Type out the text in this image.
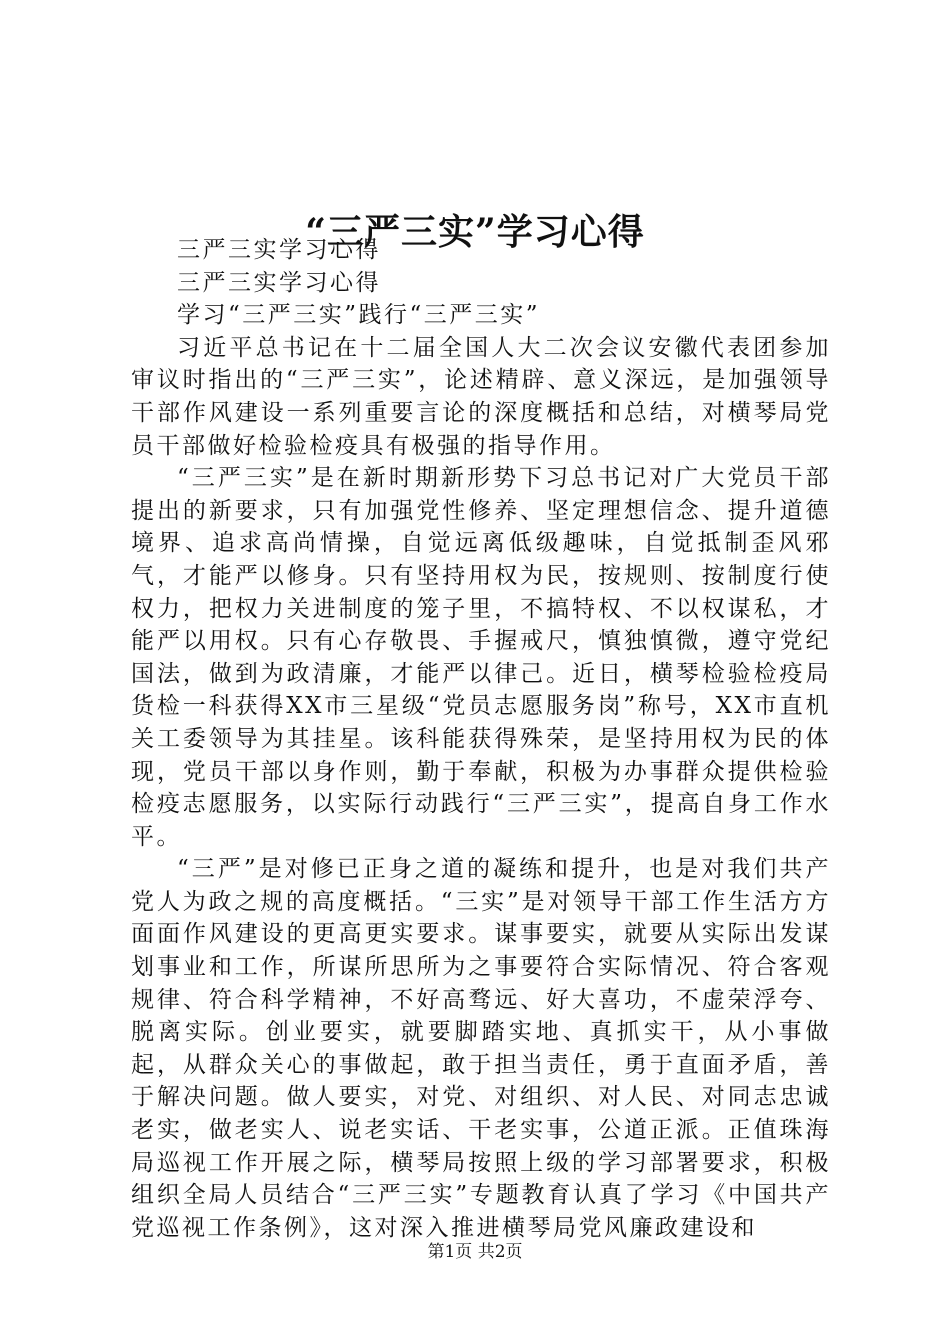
“三严三实”学习心得

三严三实学习心得

三严三实学习心得

学习“三严三实”践行“三严三实”

习近平总书记在十二届全国人大二次会议安徽代表团参加审议时指出的“三严三实”，论述精辟、意义深远，是加强领导干部作风建设一系列重要言论的深度概括和总结，对横琴局党员干部做好检验检疫具有极强的指导作用。

“三严三实”是在新时期新形势下习总书记对广大党员干部提出的新要求，只有加强党性修养、坚定理想信念、提升道德境界、追求高尚情操，自觉远离低级趣味，自觉抵制歪风邪气，才能严以修身。只有坚持用权为民，按规则、按制度行使权力，把权力关进制度的笼子里，不搞特权、不以权谋私，才能严以用权。只有心存敬畏、手握戒尺，慎独慎微，遵守党纪国法，做到为政清廉，才能严以律己。近日，横琴检验检疫局货检一科获得XX市三星级“党员志愿服务岗”称号，XX市直机关工委领导为其挂星。该科能获得殊荣，是坚持用权为民的体现，党员干部以身作则，勤于奉献，积极为办事群众提供检验检疫志愿服务，以实际行动践行“三严三实”，提高自身工作水平。

“三严”是对修已正身之道的凝练和提升，也是对我们共产党人为政之规的高度概括。“三实”是对领导干部工作生活方方面面作风建设的更高更实要求。谋事要实，就要从实际出发谋划事业和工作，所谋所思所为之事要符合实际情况、符合客观规律、符合科学精神，不好高骛远、好大喜功，不虚荣浮夸、脱离实际。创业要实，就要脚踏实地、真抓实干，从小事做起，从群众关心的事做起，敢于担当责任，勇于直面矛盾，善于解决问题。做人要实，对党、对组织、对人民、对同志忠诚老实，做老实人、说老实话、干老实事，公道正派。正值珠海局巡视工作开展之际，横琴局按照上级的学习部署要求，积极组织全局人员结合“三严三实”专题教育认真了学习《中国共产党巡视工作条例》，这对深入推进横琴局党风廉政建设和

第1页 共2页
